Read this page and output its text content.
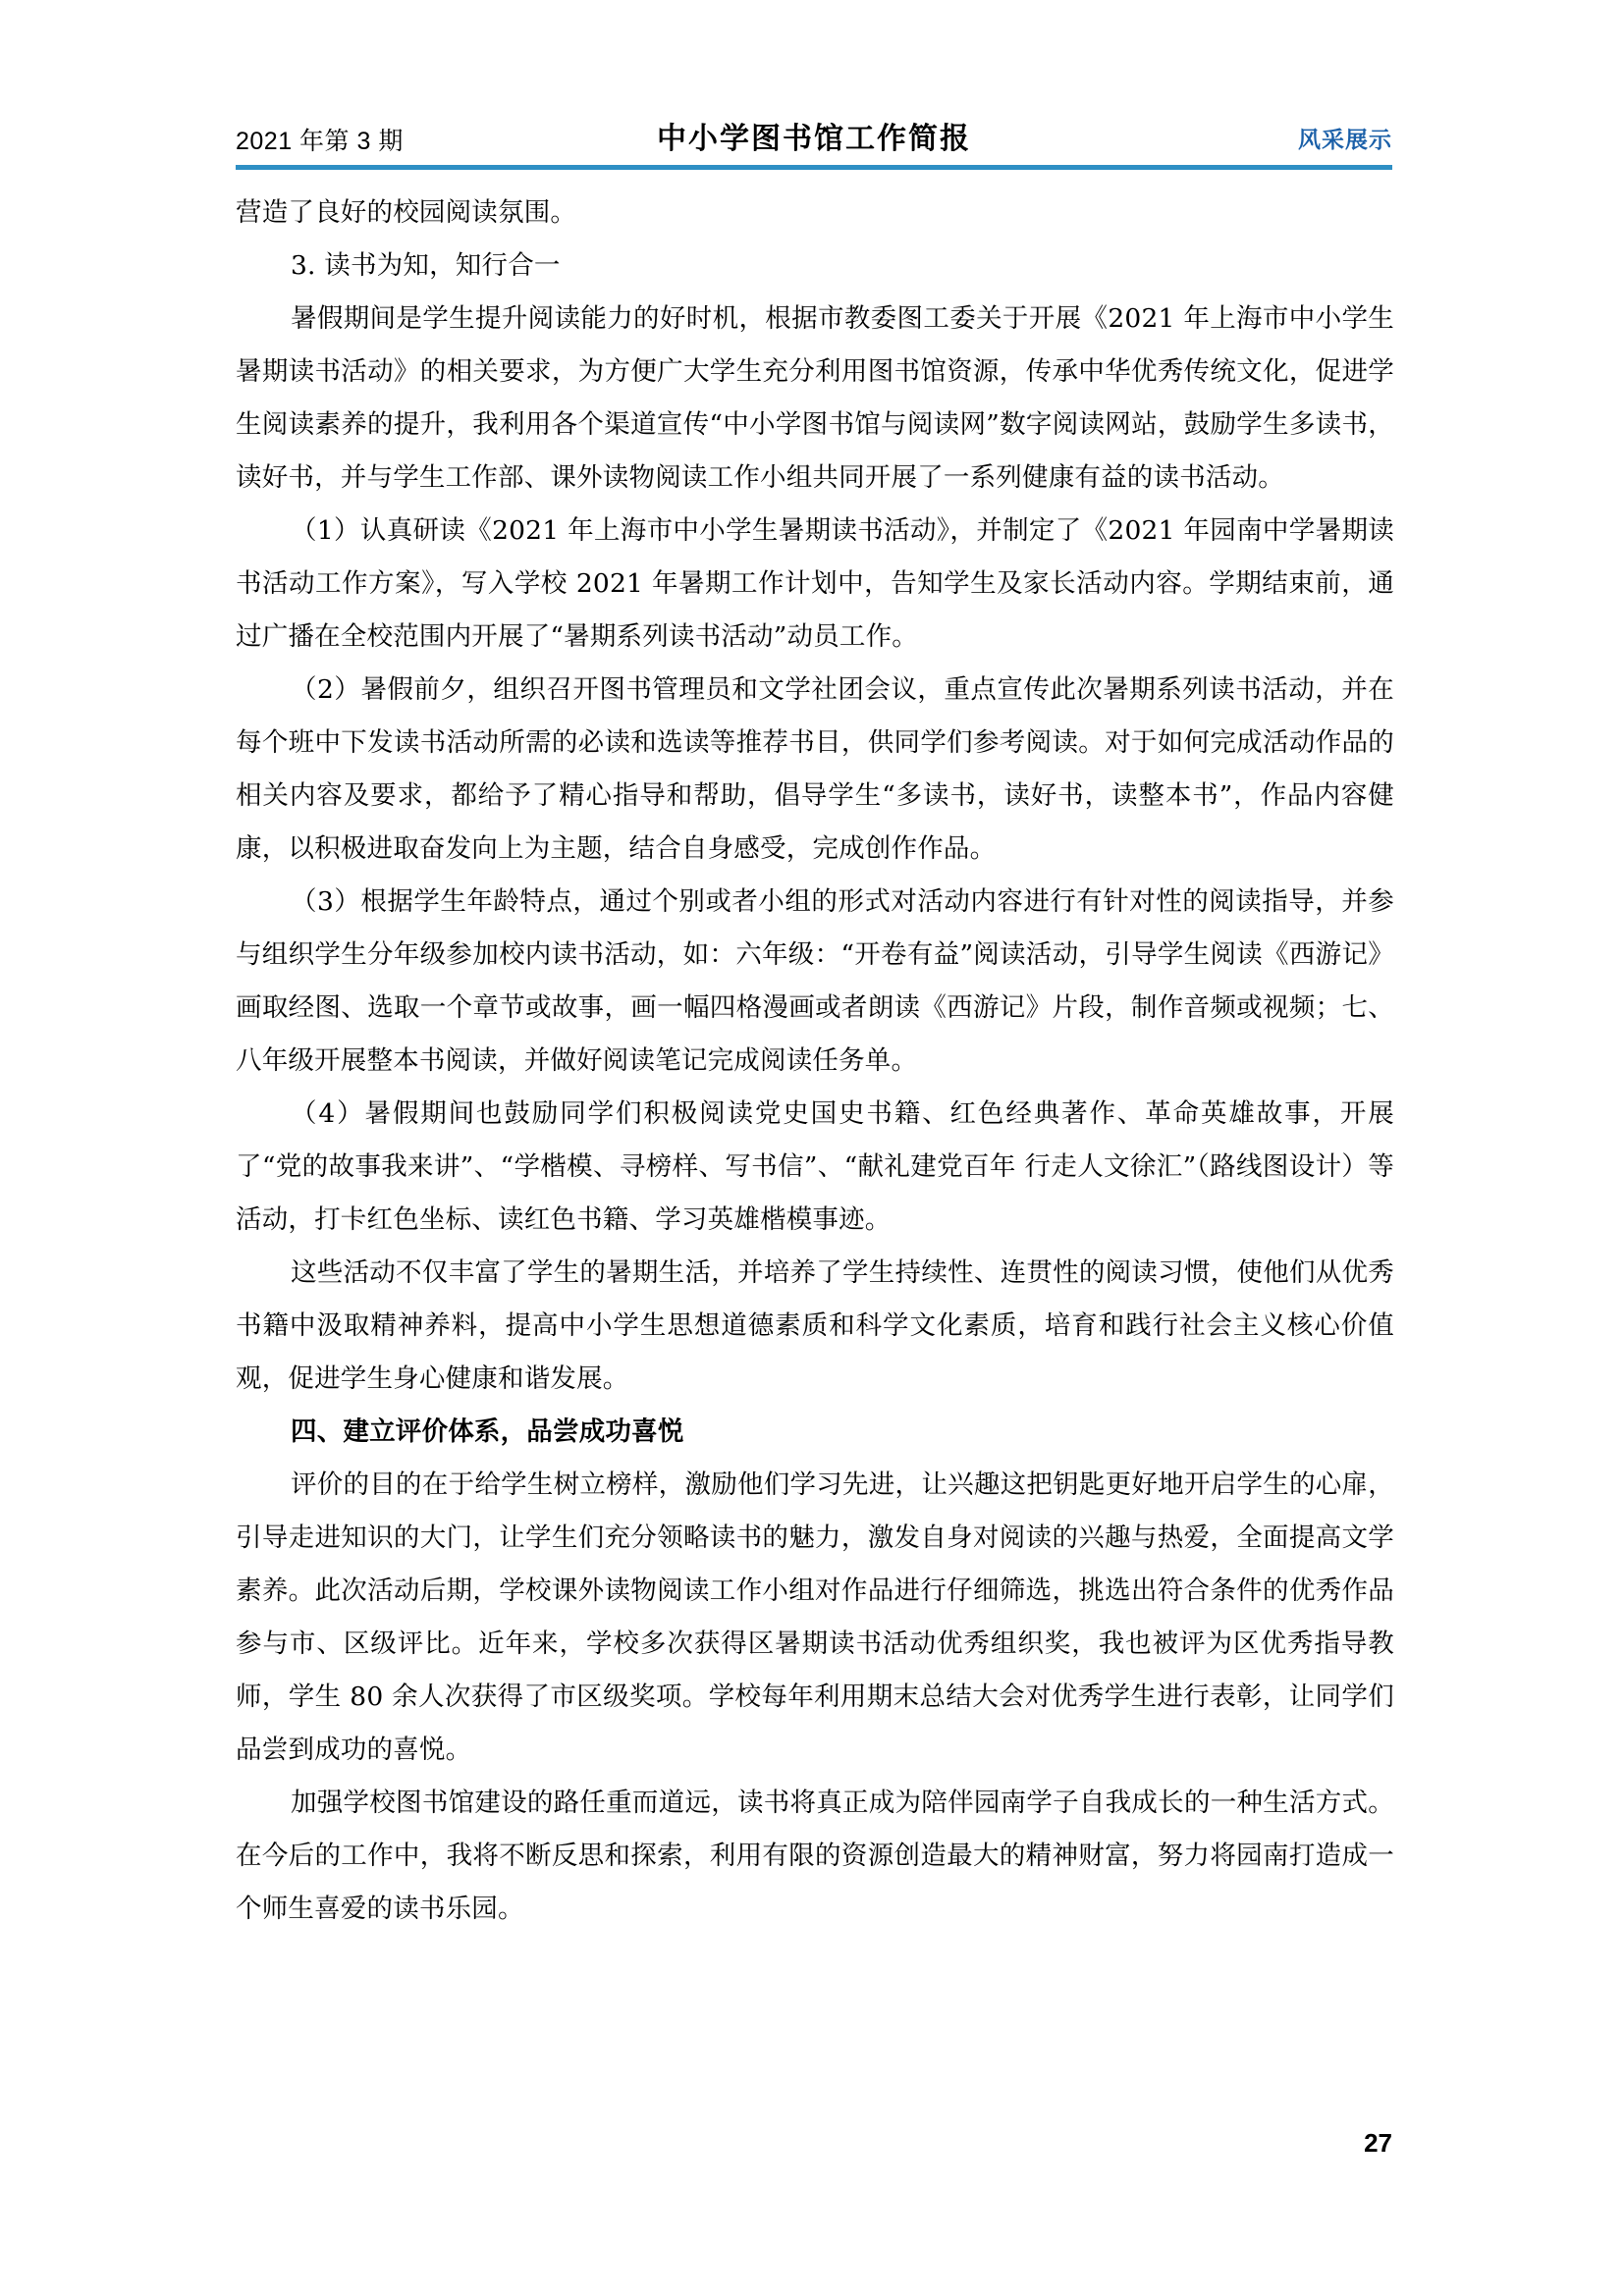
2021 年第 3 期	中小学图书馆工作简报	风采展示

营造了良好的校园阅读氛围。

3. 读书为知，知行合一

暑假期间是学生提升阅读能力的好时机，根据市教委图工委关于开展《2021 年上海市中小学生暑期读书活动》的相关要求，为方便广大学生充分利用图书馆资源，传承中华优秀传统文化，促进学生阅读素养的提升，我利用各个渠道宣传“中小学图书馆与阅读网”数字阅读网站，鼓励学生多读书，读好书，并与学生工作部、课外读物阅读工作小组共同开展了一系列健康有益的读书活动。

（1）认真研读《2021 年上海市中小学生暑期读书活动》，并制定了《2021 年园南中学暑期读书活动工作方案》，写入学校 2021 年暑期工作计划中，告知学生及家长活动内容。学期结束前，通过广播在全校范围内开展了“暑期系列读书活动”动员工作。

（2）暑假前夕，组织召开图书管理员和文学社团会议，重点宣传此次暑期系列读书活动，并在每个班中下发读书活动所需的必读和选读等推荐书目，供同学们参考阅读。对于如何完成活动作品的相关内容及要求，都给予了精心指导和帮助，倡导学生“多读书，读好书，读整本书”，作品内容健康，以积极进取奋发向上为主题，结合自身感受，完成创作作品。

（3）根据学生年龄特点，通过个别或者小组的形式对活动内容进行有针对性的阅读指导，并参与组织学生分年级参加校内读书活动，如：六年级：“开卷有益”阅读活动，引导学生阅读《西游记》画取经图、选取一个章节或故事，画一幅四格漫画或者朗读《西游记》片段，制作音频或视频；七、八年级开展整本书阅读，并做好阅读笔记完成阅读任务单。

（4）暑假期间也鼓励同学们积极阅读党史国史书籍、红色经典著作、革命英雄故事，开展了“党的故事我来讲”、“学楷模、寻榜样、写书信”、“献礼建党百年 行走人文徐汇”（路线图设计）等活动，打卡红色坐标、读红色书籍、学习英雄楷模事迹。

这些活动不仅丰富了学生的暑期生活，并培养了学生持续性、连贯性的阅读习惯，使他们从优秀书籍中汲取精神养料，提高中小学生思想道德素质和科学文化素质，培育和践行社会主义核心价值观，促进学生身心健康和谐发展。

四、建立评价体系，品尝成功喜悦

评价的目的在于给学生树立榜样，激励他们学习先进，让兴趣这把钥匙更好地开启学生的心扉，引导走进知识的大门，让学生们充分领略读书的魅力，激发自身对阅读的兴趣与热爱，全面提高文学素养。此次活动后期，学校课外读物阅读工作小组对作品进行仔细筛选，挑选出符合条件的优秀作品参与市、区级评比。近年来，学校多次获得区暑期读书活动优秀组织奖，我也被评为区优秀指导教师，学生 80 余人次获得了市区级奖项。学校每年利用期末总结大会对优秀学生进行表彰，让同学们品尝到成功的喜悦。

加强学校图书馆建设的路任重而道远，读书将真正成为陪伴园南学子自我成长的一种生活方式。在今后的工作中，我将不断反思和探索，利用有限的资源创造最大的精神财富，努力将园南打造成一个师生喜爱的读书乐园。

27
